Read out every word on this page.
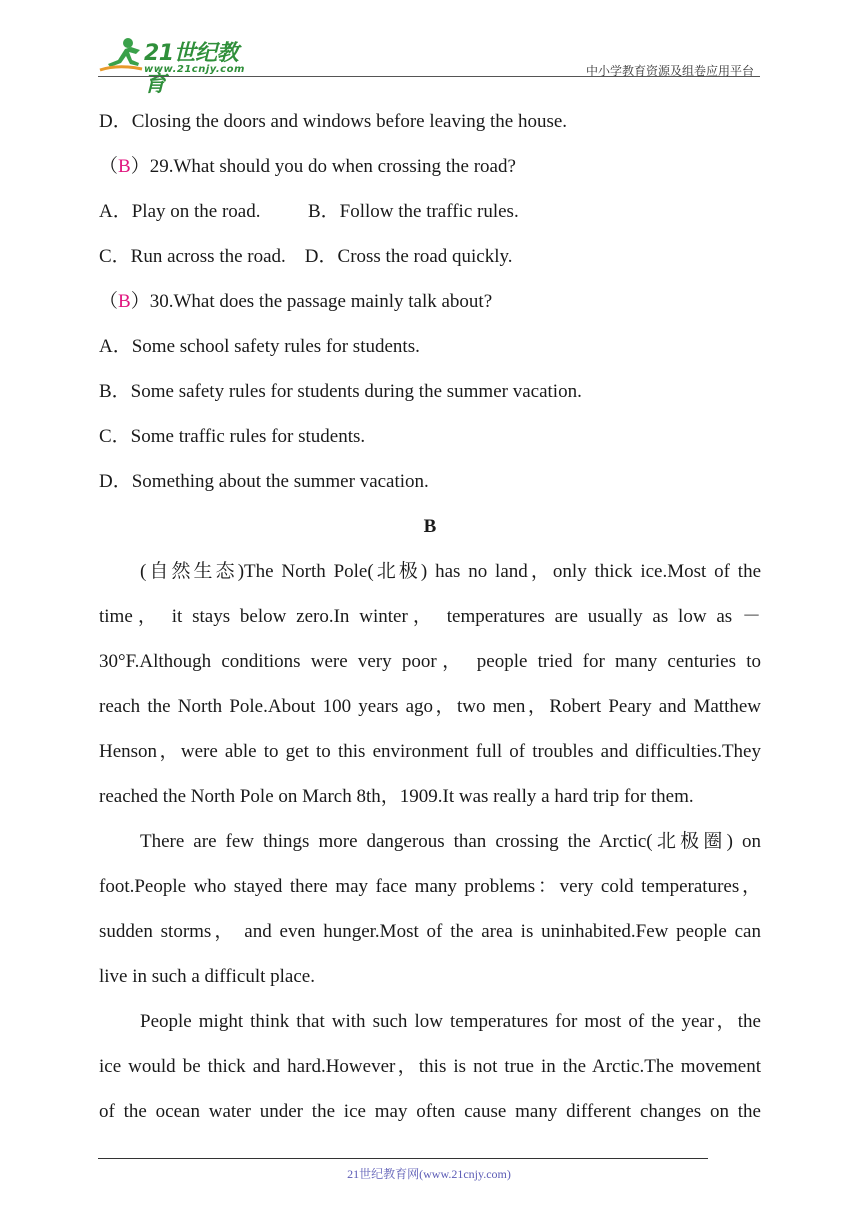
21世纪教育
www.21cnjy.com	中小学教育资源及组卷应用平台
D．Closing the doors and windows before leaving the house.
（B）29.What should you do when crossing the road?
A．Play on the road.          B．Follow the traffic rules.
C．Run across the road.    D．Cross the road quickly.
（B）30.What does the passage mainly talk about?
A．Some school safety rules for students.
B．Some safety rules for students during the summer vacation.
C．Some traffic rules for students.
D．Something about the summer vacation.
B
(自然生态)The North Pole(北极) has no land，only thick ice.Most of the
time， it stays below zero.In winter， temperatures are usually as low as －
30°F.Although conditions were very poor， people tried for many centuries to
reach the North Pole.About 100 years ago，two men，Robert Peary and Matthew
Henson，were able to get to this environment full of troubles and difficulties.They
reached the North Pole on March 8th，1909.It was really a hard trip for them.
There are few things more dangerous than crossing the Arctic(北极圈) on
foot.People who stayed there may face many problems：very cold temperatures，
sudden storms， and even hunger.Most of the area is uninhabited.Few people can
live in such a difficult place.
People might think that with such low temperatures for most of the year，the
ice would be thick and hard.However，this is not true in the Arctic.The movement
of the ocean water under the ice may often cause many different changes on the
21世纪教育网(www.21cnjy.com)
